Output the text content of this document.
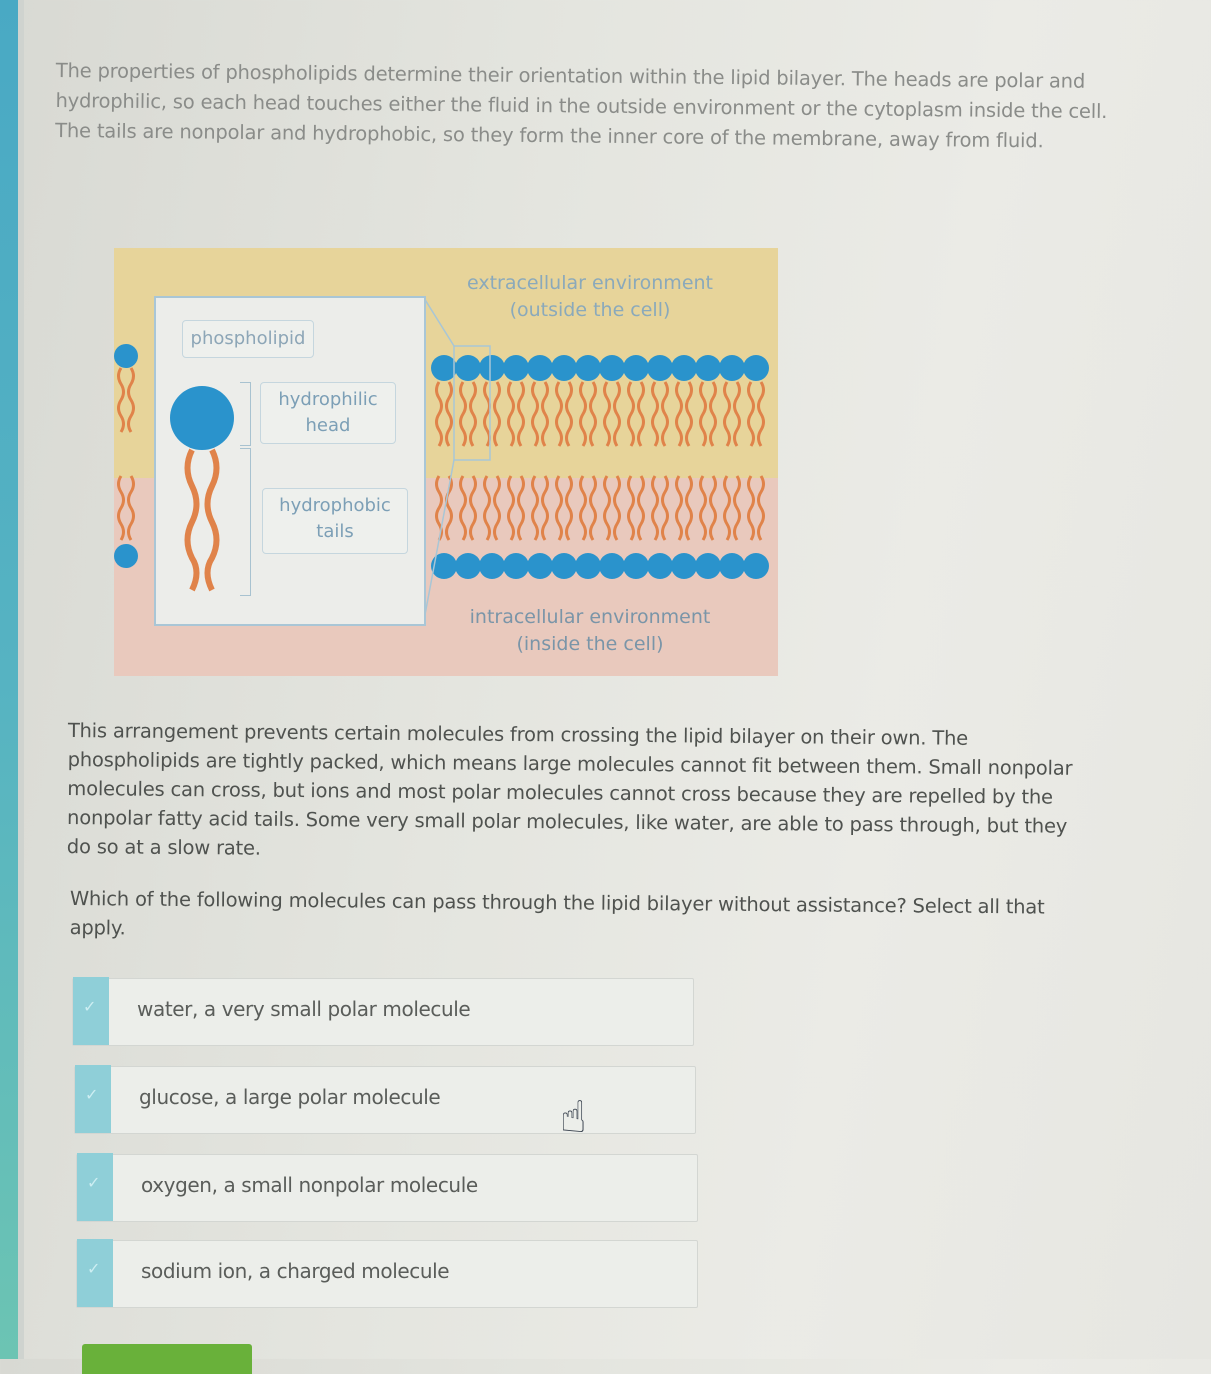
The properties of phospholipids determine their orientation within the lipid bilayer. The heads are polar and hydrophilic, so each head touches either the fluid in the outside environment or the cytoplasm inside the cell. The tails are nonpolar and hydrophobic, so they form the inner core of the membrane, away from fluid.

extracellular environment
(outside the cell)
intracellular environment
(inside the cell)
phospholipid
hydrophilic
head
hydrophobic
tails

This arrangement prevents certain molecules from crossing the lipid bilayer on their own. The phospholipids are tightly packed, which means large molecules cannot fit between them. Small nonpolar molecules can cross, but ions and most polar molecules cannot cross because they are repelled by the nonpolar fatty acid tails. Some very small polar molecules, like water, are able to pass through, but they do so at a slow rate.

Which of the following molecules can pass through the lipid bilayer without assistance? Select all that apply.

✓ water, a very small polar molecule
✓ glucose, a large polar molecule
✓ oxygen, a small nonpolar molecule
✓ sodium ion, a charged molecule
☝
